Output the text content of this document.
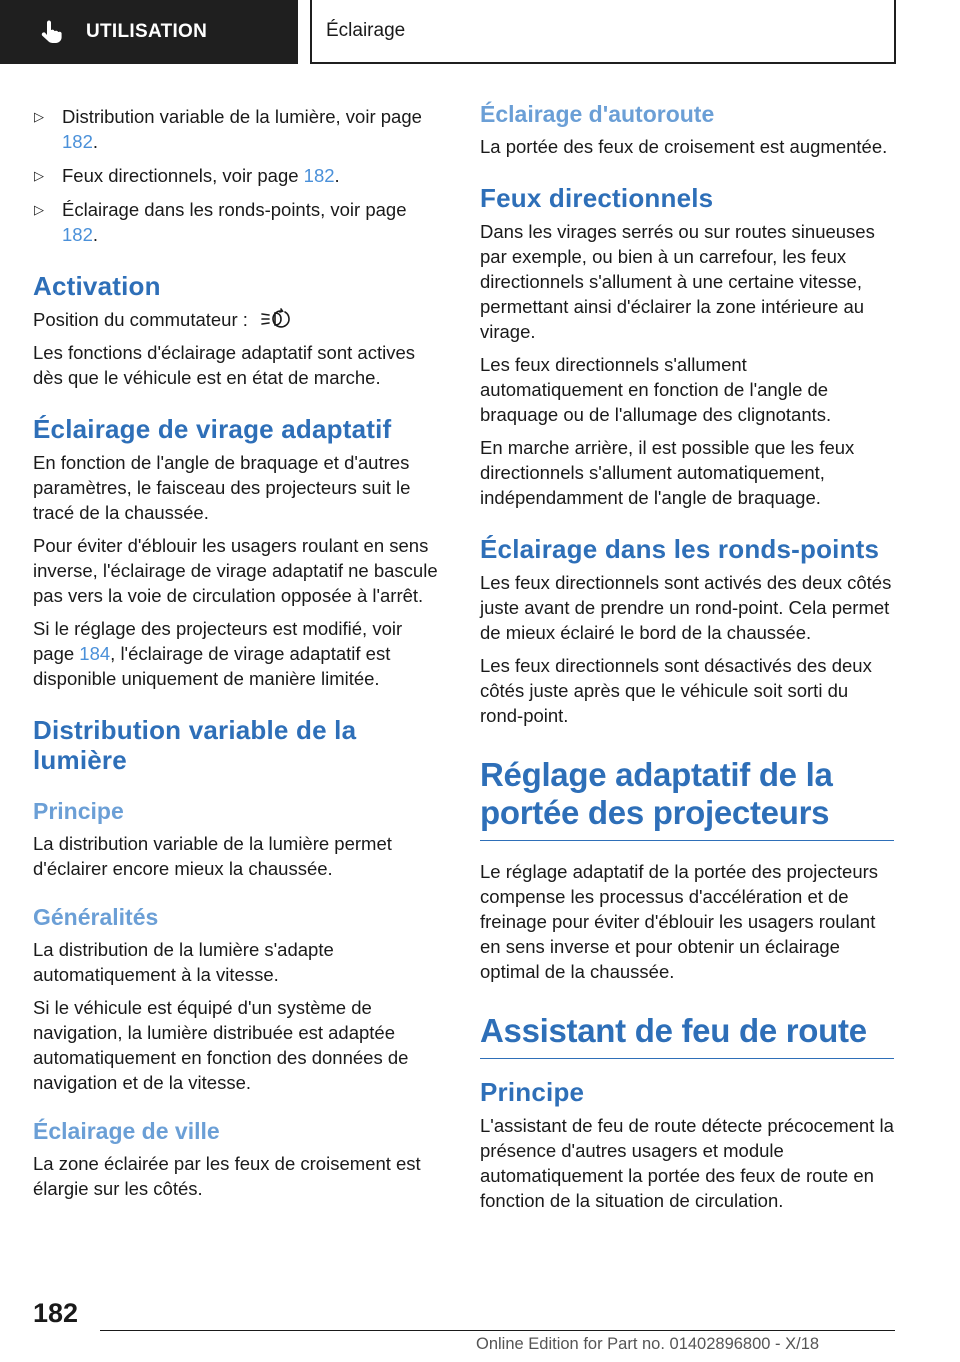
UTILISATION	Éclairage
▷ Distribution variable de la lumière, voir page 182.
▷ Feux directionnels, voir page 182.
▷ Éclairage dans les ronds-points, voir page 182.
Activation

Position du commutateur :

Les fonctions d'éclairage adaptatif sont actives dès que le véhicule est en état de marche.

Éclairage de virage adaptatif

En fonction de l'angle de braquage et d'autres paramètres, le faisceau des projecteurs suit le tracé de la chaussée.

Pour éviter d'éblouir les usagers roulant en sens inverse, l'éclairage de virage adaptatif ne bascule pas vers la voie de circulation opposée à l'arrêt.

Si le réglage des projecteurs est modifié, voir page 184, l'éclairage de virage adaptatif est disponible uniquement de manière limitée.

Distribution variable de la lumière
Principe

La distribution variable de la lumière permet d'éclairer encore mieux la chaussée.

Généralités

La distribution de la lumière s'adapte automatiquement à la vitesse.

Si le véhicule est équipé d'un système de navigation, la lumière distribuée est adaptée automatiquement en fonction des données de navigation et de la vitesse.

Éclairage de ville

La zone éclairée par les feux de croisement est élargie sur les côtés.

Éclairage d'autoroute

La portée des feux de croisement est augmentée.

Feux directionnels

Dans les virages serrés ou sur routes sinueuses par exemple, ou bien à un carrefour, les feux directionnels s'allument à une certaine vitesse, permettant ainsi d'éclairer la zone intérieure au virage.

Les feux directionnels s'allument automatiquement en fonction de l'angle de braquage ou de l'allumage des clignotants.

En marche arrière, il est possible que les feux directionnels s'allument automatiquement, indépendamment de l'angle de braquage.

Éclairage dans les ronds-points

Les feux directionnels sont activés des deux côtés juste avant de prendre un rond-point. Cela permet de mieux éclairé le bord de la chaussée.

Les feux directionnels sont désactivés des deux côtés juste après que le véhicule soit sorti du rond-point.

Réglage adaptatif de la portée des projecteurs

Le réglage adaptatif de la portée des projecteurs compense les processus d'accélération et de freinage pour éviter d'éblouir les usagers roulant en sens inverse et pour obtenir un éclairage optimal de la chaussée.

Assistant de feu de route
Principe

L'assistant de feu de route détecte précocement la présence d'autres usagers et module automatiquement la portée des feux de route en fonction de la situation de circulation.

182
Online Edition for Part no. 01402896800 - X/18
